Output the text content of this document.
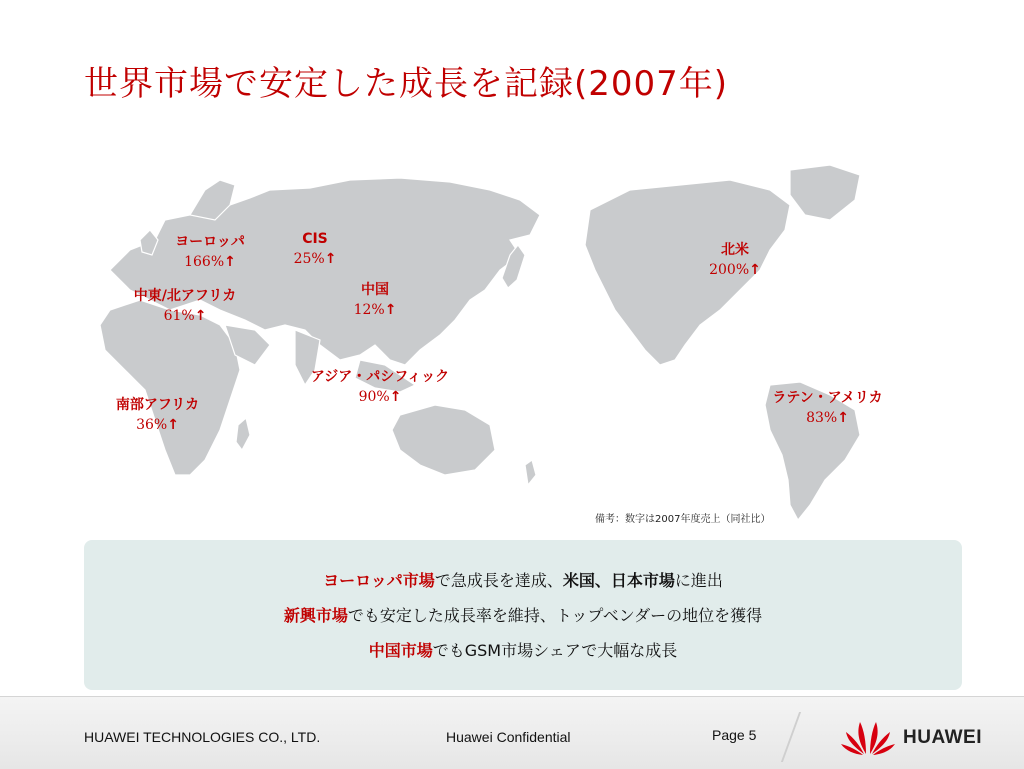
世界市場で安定した成長を記録(2007年)
ヨーロッパ
166%↑
CIS
25%↑
中東/北アフリカ
61%↑
中国
12%↑
北米
200%↑
アジア・パシフィック
90%↑
南部アフリカ
36%↑
ラテン・アメリカ
83%↑
備考：数字は2007年度売上（同社比）
ヨーロッパ市場で急成長を達成、米国、日本市場に進出
新興市場でも安定した成長率を維持、トップベンダーの地位を獲得
中国市場でもGSM市場シェアで大幅な成長
HUAWEI TECHNOLOGIES CO., LTD.	Huawei Confidential	Page 5	HUAWEI
